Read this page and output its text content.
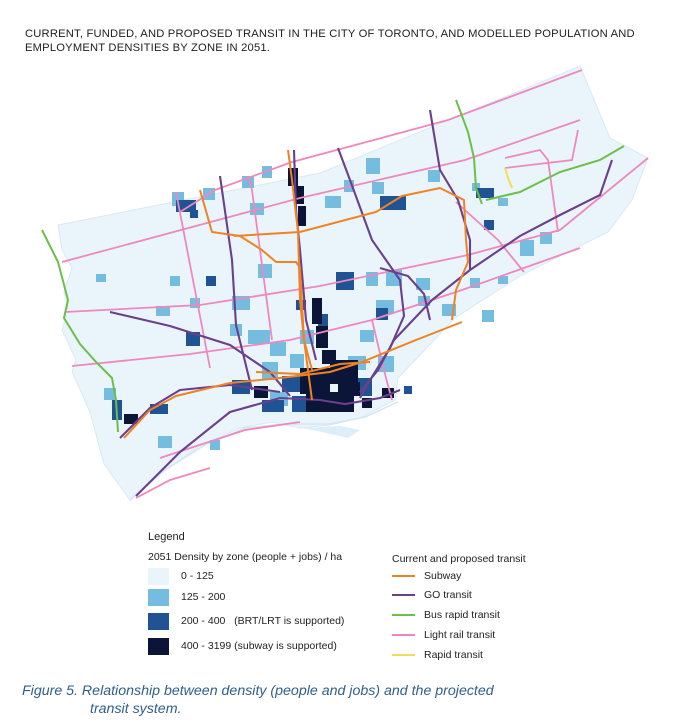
CURRENT, FUNDED, AND PROPOSED TRANSIT IN THE CITY OF TORONTO, AND MODELLED POPULATION AND EMPLOYMENT DENSITIES BY ZONE IN 2051.
Legend
2051 Density by zone (people + jobs) / ha
0 - 125
125 - 200
200 - 400   (BRT/LRT is supported)
400 - 3199 (subway is supported)
Current and proposed transit
Subway
GO transit
Bus rapid transit
Light rail transit
Rapid transit
Figure 5. Relationship between density (people and jobs) and the projected
transit system.
